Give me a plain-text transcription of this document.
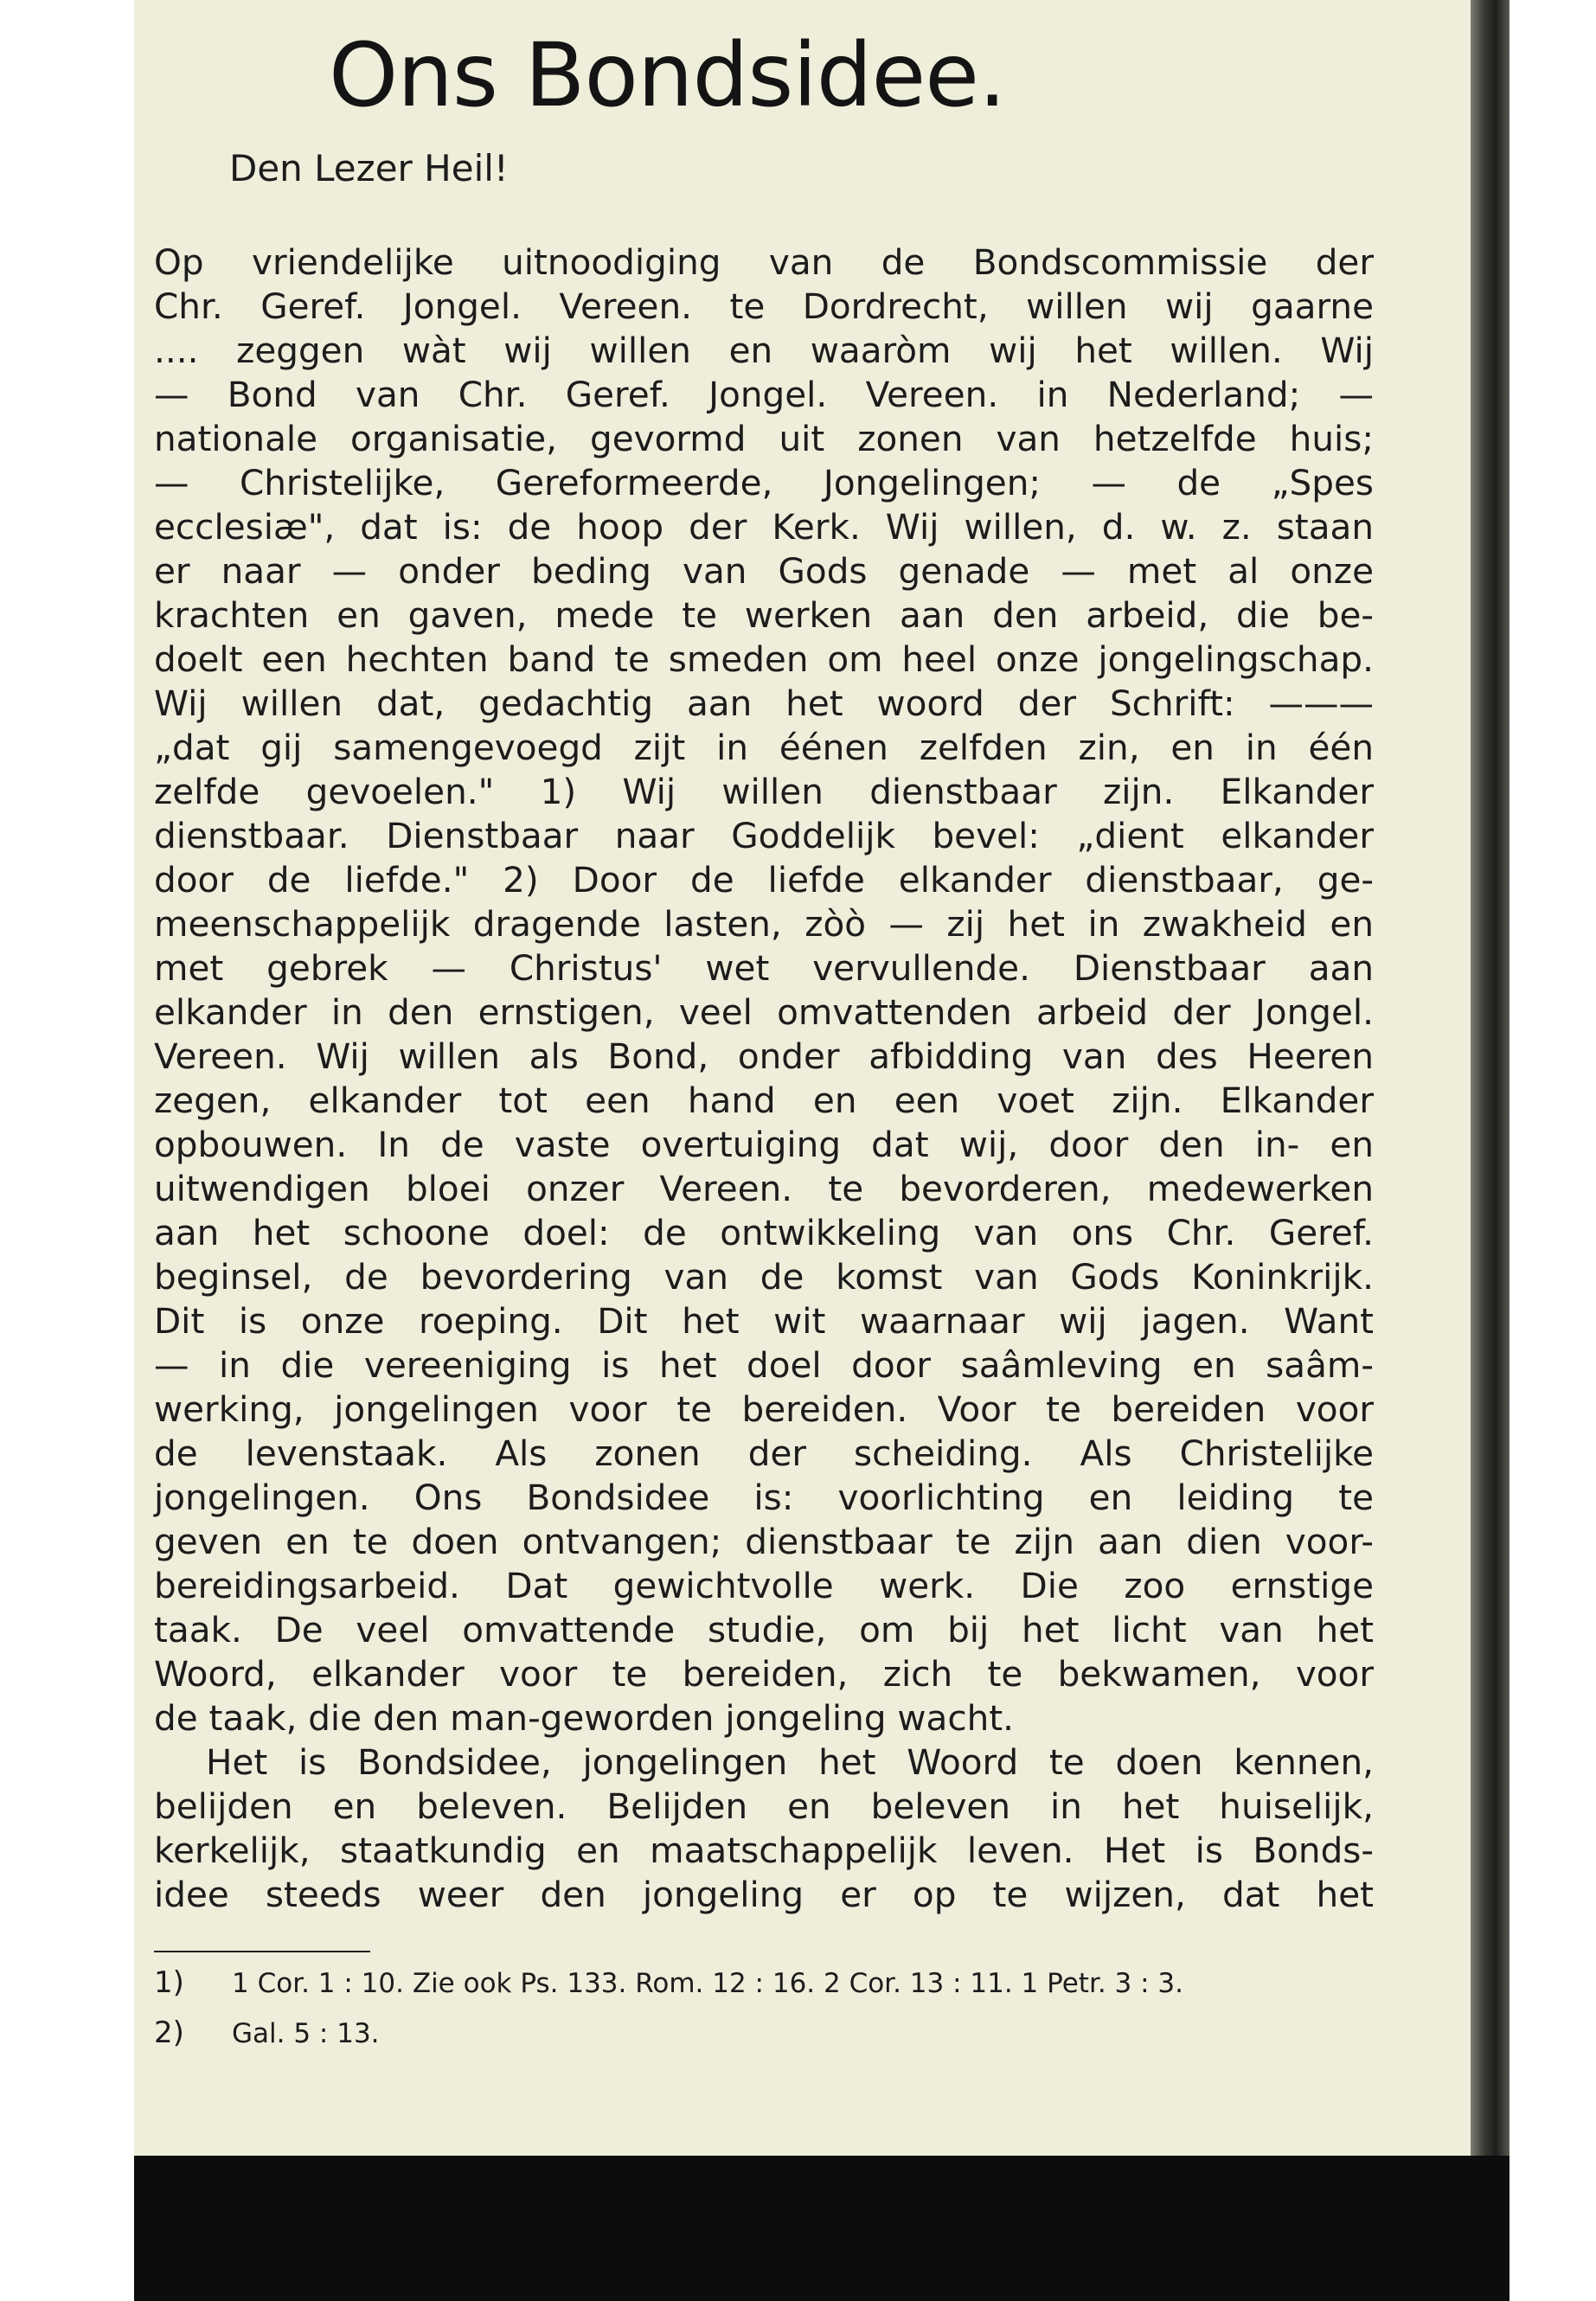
Ons Bondsidee.
Den Lezer Heil!
Op vriendelijke uitnoodiging van de Bondscommissie der
Chr. Geref. Jongel. Vereen. te Dordrecht, willen wij gaarne
.... zeggen wàt wij willen en waaròm wij het willen. Wij
— Bond van Chr. Geref. Jongel. Vereen. in Nederland; —
nationale organisatie, gevormd uit zonen van hetzelfde huis;
— Christelijke, Gereformeerde, Jongelingen; — de „Spes
ecclesiæ", dat is: de hoop der Kerk. Wij willen, d. w. z. staan
er naar — onder beding van Gods genade — met al onze
krachten en gaven, mede te werken aan den arbeid, die be-
doelt een hechten band te smeden om heel onze jongelingschap.
Wij willen dat, gedachtig aan het woord der Schrift: ———
„dat gij samengevoegd zijt in éénen zelfden zin, en in één
zelfde gevoelen." 1) Wij willen dienstbaar zijn. Elkander
dienstbaar. Dienstbaar naar Goddelijk bevel: „dient elkander
door de liefde." 2) Door de liefde elkander dienstbaar, ge-
meenschappelijk dragende lasten, zòò — zij het in zwakheid en
met gebrek — Christus' wet vervullende. Dienstbaar aan
elkander in den ernstigen, veel omvattenden arbeid der Jongel.
Vereen. Wij willen als Bond, onder afbidding van des Heeren
zegen, elkander tot een hand en een voet zijn. Elkander
opbouwen. In de vaste overtuiging dat wij, door den in- en
uitwendigen bloei onzer Vereen. te bevorderen, medewerken
aan het schoone doel: de ontwikkeling van ons Chr. Geref.
beginsel, de bevordering van de komst van Gods Koninkrijk.
Dit is onze roeping. Dit het wit waarnaar wij jagen. Want
— in die vereeniging is het doel door saâmleving en saâm-
werking, jongelingen voor te bereiden. Voor te bereiden voor
de levenstaak. Als zonen der scheiding. Als Christelijke
jongelingen. Ons Bondsidee is: voorlichting en leiding te
geven en te doen ontvangen; dienstbaar te zijn aan dien voor-
bereidingsarbeid. Dat gewichtvolle werk. Die zoo ernstige
taak. De veel omvattende studie, om bij het licht van het
Woord, elkander voor te bereiden, zich te bekwamen, voor
de taak, die den man-geworden jongeling wacht.
Het is Bondsidee, jongelingen het Woord te doen kennen,
belijden en beleven. Belijden en beleven in het huiselijk,
kerkelijk, staatkundig en maatschappelijk leven. Het is Bonds-
idee steeds weer den jongeling er op te wijzen, dat het
1) 1 Cor. 1 : 10. Zie ook Ps. 133. Rom. 12 : 16. 2 Cor. 13 : 11. 1 Petr. 3 : 3.
2) Gal. 5 : 13.
